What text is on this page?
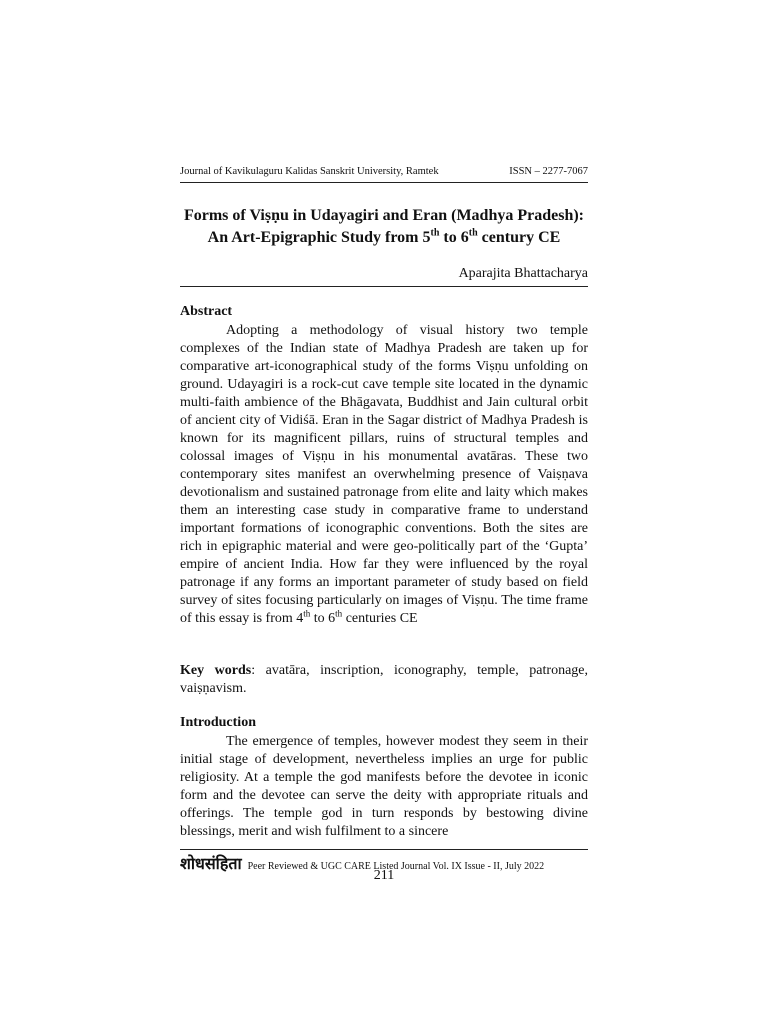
Journal of Kavikulaguru Kalidas Sanskrit University, Ramtek	ISSN – 2277-7067
Forms of Viṣṇu in Udayagiri and Eran (Madhya Pradesh): An Art-Epigraphic Study from 5th to 6th century CE
Aparajita Bhattacharya
Abstract

Adopting a methodology of visual history two temple complexes of the Indian state of Madhya Pradesh are taken up for comparative art-iconographical study of the forms Viṣṇu unfolding on ground. Udayagiri is a rock-cut cave temple site located in the dynamic multi-faith ambience of the Bhāgavata, Buddhist and Jain cultural orbit of ancient city of Vidiśā. Eran in the Sagar district of Madhya Pradesh is known for its magnificent pillars, ruins of structural temples and colossal images of Viṣṇu in his monumental avatāras. These two contemporary sites manifest an overwhelming presence of Vaiṣṇava devotionalism and sustained patronage from elite and laity which makes them an interesting case study in comparative frame to understand important formations of iconographic conventions. Both the sites are rich in epigraphic material and were geo-politically part of the ‘Gupta’ empire of ancient India. How far they were influenced by the royal patronage if any forms an important parameter of study based on field survey of sites focusing particularly on images of Viṣṇu. The time frame of this essay is from 4th to 6th centuries CE

Key words: avatāra, inscription, iconography, temple, patronage, vaiṣṇavism.

Introduction

The emergence of temples, however modest they seem in their initial stage of development, nevertheless implies an urge for public religiosity. At a temple the god manifests before the devotee in iconic form and the devotee can serve the deity with appropriate rituals and offerings. The temple god in turn responds by bestowing divine blessings, merit and wish fulfilment to a sincere

शोधसंहिता Peer Reviewed & UGC CARE Listed Journal Vol. IX Issue - II, July 2022
211
